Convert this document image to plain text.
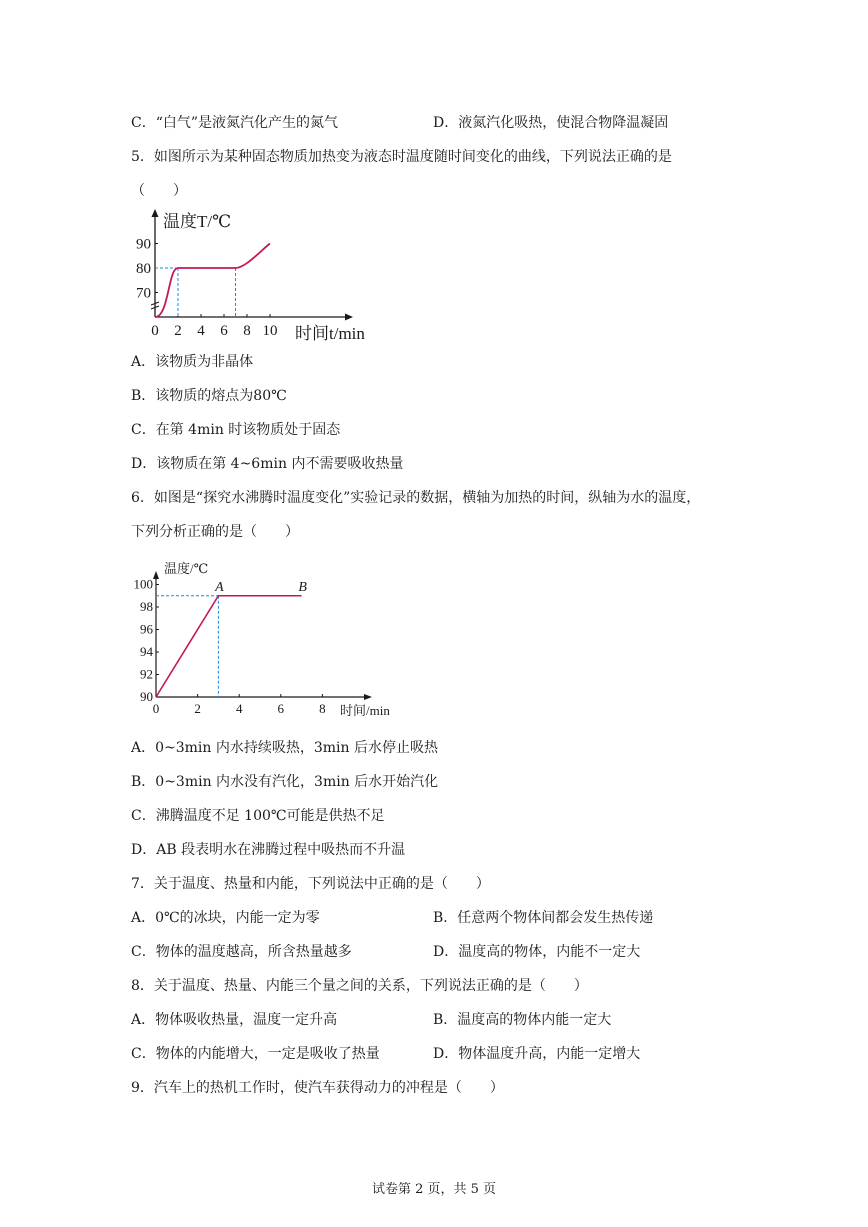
C．“白气”是液氮汽化产生的氮气	D．液氮汽化吸热，使混合物降温凝固
5．如图所示为某种固态物质加热变为液态时温度随时间变化的曲线，下列说法正确的是
（　　）
70
80
90
0 2 4 6 8 10
温度T/℃
时间t/min
A．该物质为非晶体
B．该物质的熔点为80℃
C．在第 4min 时该物质处于固态
D．该物质在第 4~6min 内不需要吸收热量
6．如图是“探究水沸腾时温度变化”实验记录的数据，横轴为加热的时间，纵轴为水的温度，
下列分析正确的是（　　）
90
92
94
96
98
100
0	2	4	6	8
A	B
温度/℃
时间/min
A．0~3min 内水持续吸热，3min 后水停止吸热
B．0~3min 内水没有汽化，3min 后水开始汽化
C．沸腾温度不足 100℃可能是供热不足
D．AB 段表明水在沸腾过程中吸热而不升温
7．关于温度、热量和内能，下列说法中正确的是（　　）
A．0℃的冰块，内能一定为零	B．任意两个物体间都会发生热传递
C．物体的温度越高，所含热量越多	D．温度高的物体，内能不一定大
8．关于温度、热量、内能三个量之间的关系，下列说法正确的是（　　）
A．物体吸收热量，温度一定升高	B．温度高的物体内能一定大
C．物体的内能增大，一定是吸收了热量	D．物体温度升高，内能一定增大
9．汽车上的热机工作时，使汽车获得动力的冲程是（　　）
试卷第 2 页，共 5 页
